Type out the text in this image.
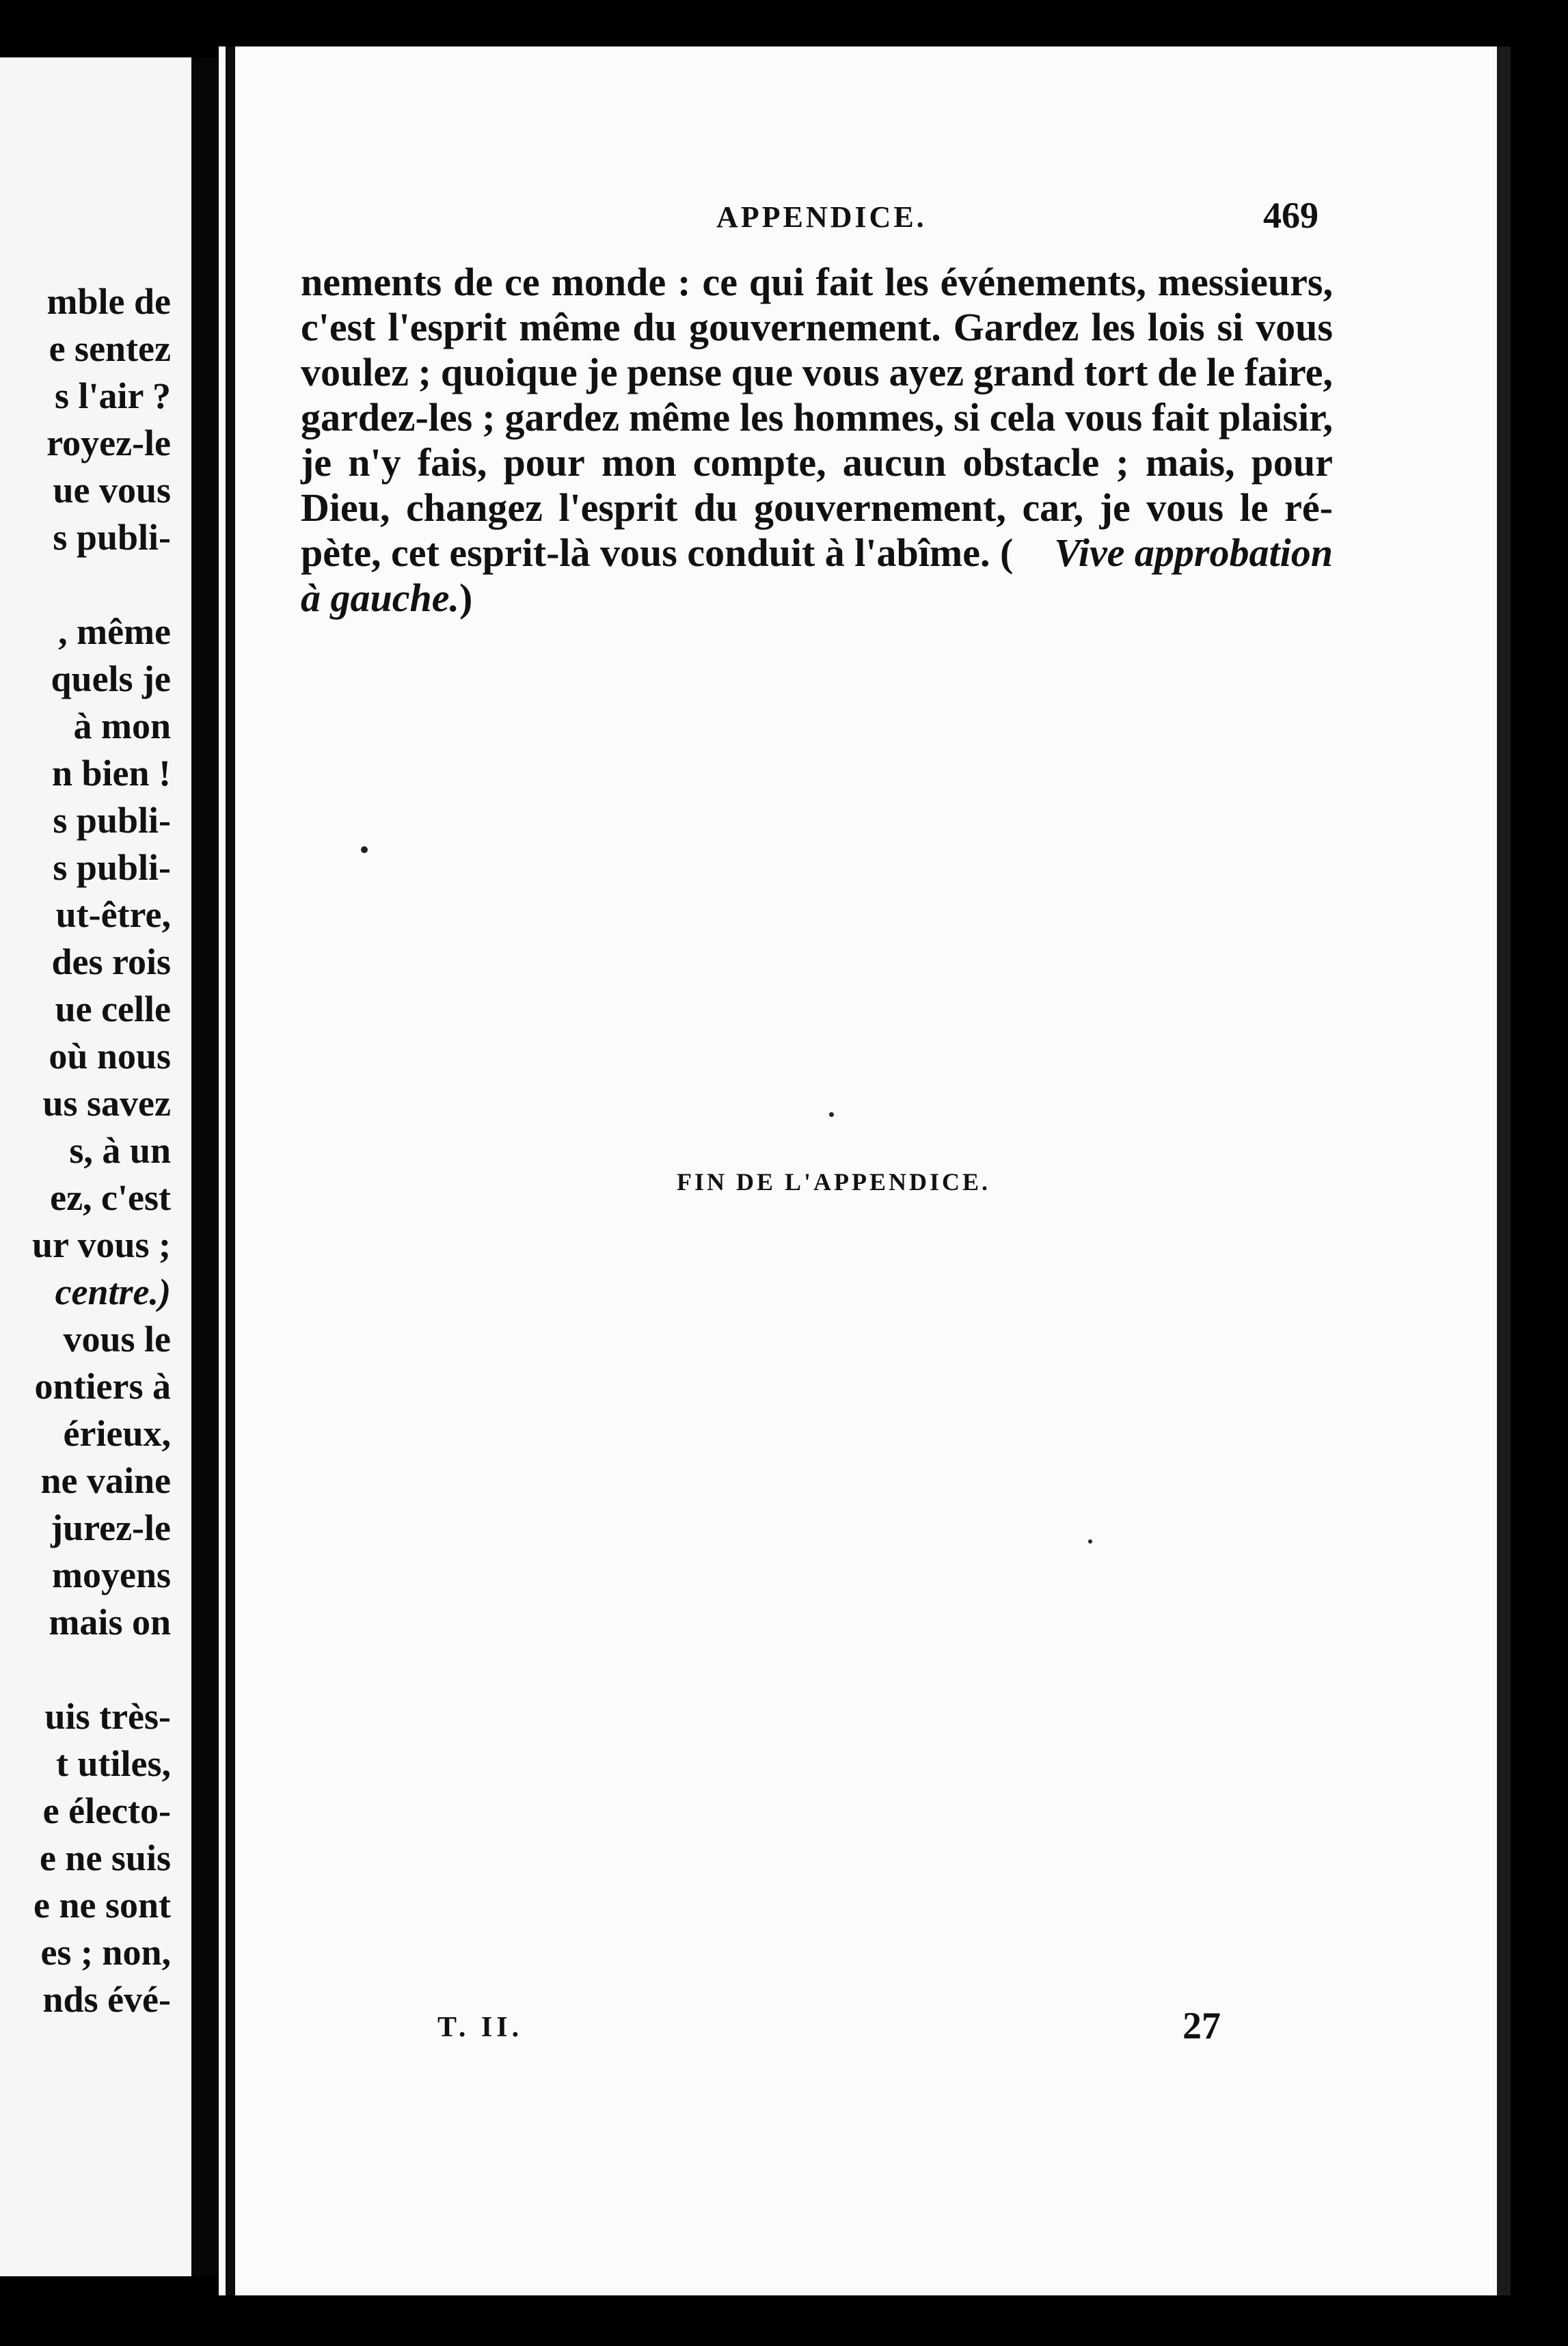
mble de
e sentez
s l'air ?
royez-le
ue vous
s publi-
, même
quels je
à mon
n bien !
s publi-
s publi-
ut-être,
des rois
ue celle
où nous
us savez
s, à un
ez, c'est
ur vous ;
centre.)
vous le
ontiers à
érieux,
ne vaine
jurez-le
moyens
mais on
uis très-
t utiles,
e électo-
e ne suis
e ne sont
es ; non,
nds évé-
APPENDICE.	469
nements de ce monde : ce qui fait les événements, messieurs,
c'est l'esprit même du gouvernement. Gardez les lois si vous
voulez ; quoique je pense que vous ayez grand tort de le faire,
gardez-les ; gardez même les hommes, si cela vous fait plaisir,
je n'y fais, pour mon compte, aucun obstacle ; mais, pour
Dieu, changez l'esprit du gouvernement, car, je vous le ré-
pète, cet esprit-là vous conduit à l'abîme. ( Vive approbation
à gauche. )
FIN DE L'APPENDICE.
T. II.	27
